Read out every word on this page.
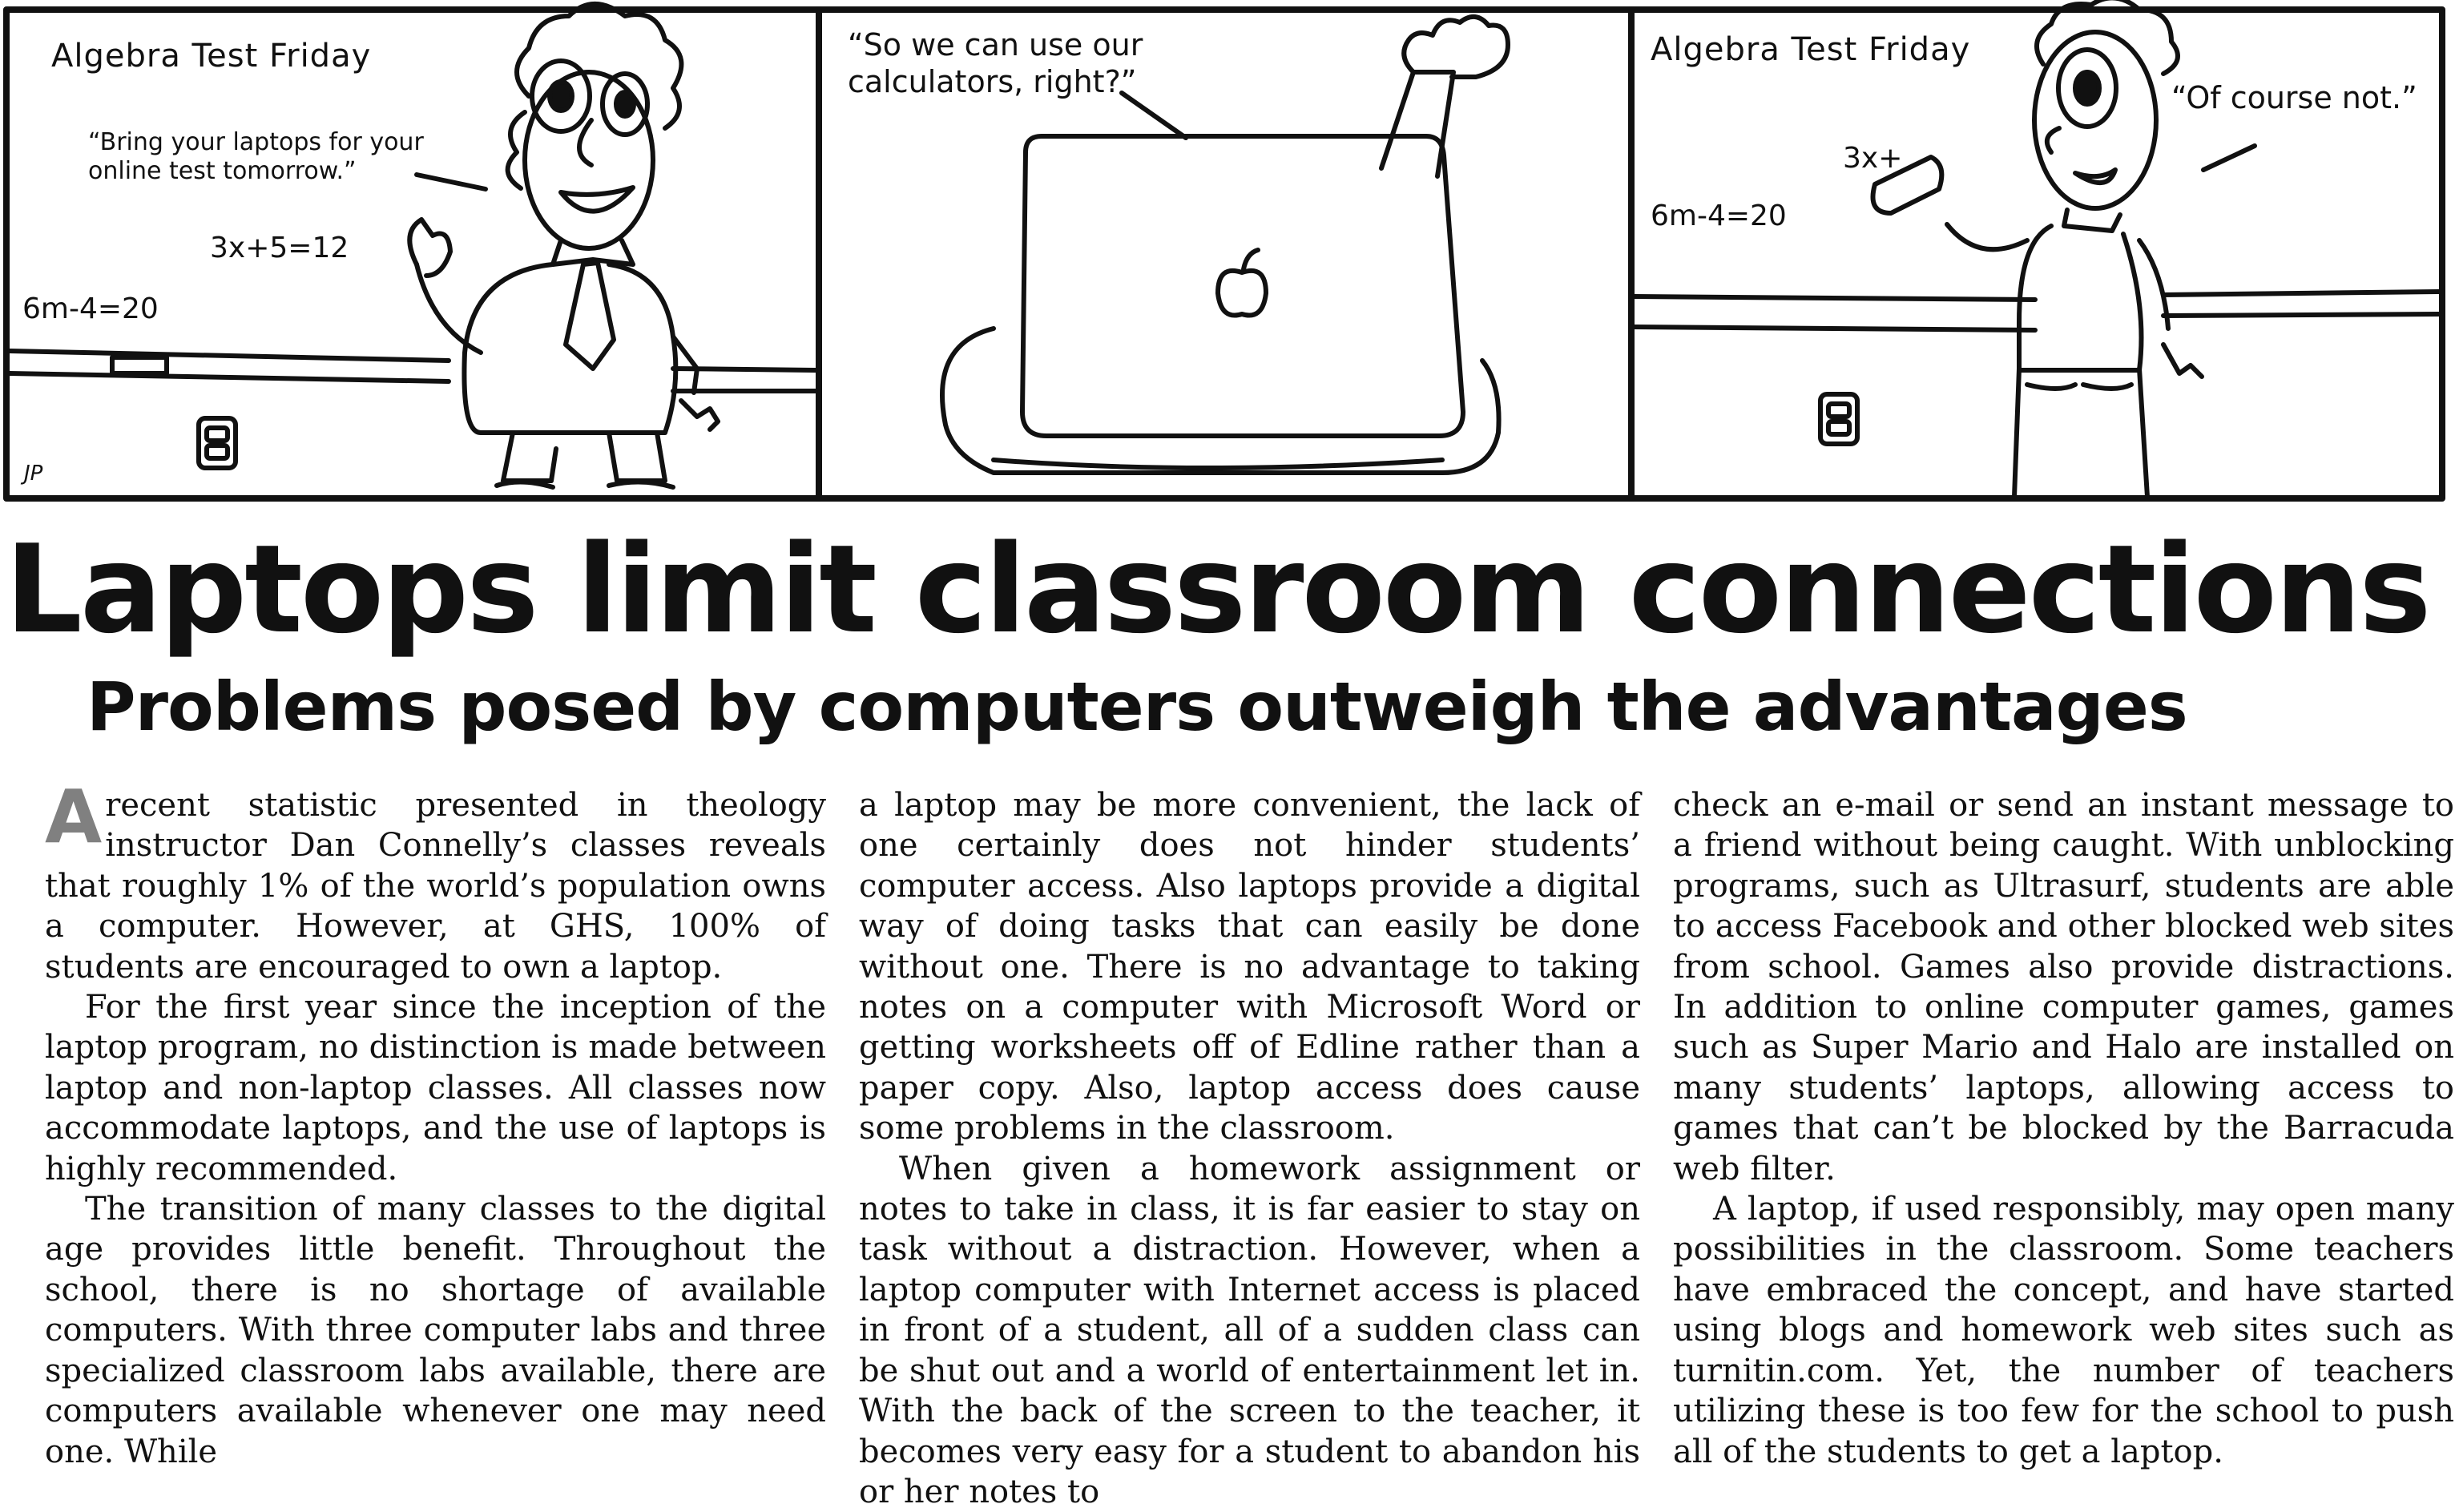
Algebra Test Friday
“Bring your laptops for your
online test tomorrow.”
3x+5=12
6m-4=20
JP
“So we can use our
calculators, right?”
Algebra Test Friday
“Of course not.”
3x+
6m-4=20
Laptops limit classroom connections
Problems posed by computers outweigh the advantages

Arecent statistic presented in theology instructor Dan Connelly’s classes reveals that roughly 1% of the world’s population owns a computer. However, at GHS, 100% of students are encouraged to own a laptop.

For the first year since the inception of the laptop program, no distinction is made between laptop and non-laptop classes. All classes now accommodate laptops, and the use of laptops is highly recommended.

The transition of many classes to the digital age provides little benefit. Throughout the school, there is no shortage of available computers. With three computer labs and three specialized classroom labs available, there are computers available whenever one may need one. While

a laptop may be more convenient, the lack of one certainly does not hinder students’ computer access. Also laptops provide a digital way of doing tasks that can easily be done without one. There is no advantage to taking notes on a computer with Microsoft Word or getting worksheets off of Edline rather than a paper copy. Also, laptop access does cause some problems in the classroom.

When given a homework assignment or notes to take in class, it is far easier to stay on task without a distraction. However, when a laptop computer with Internet access is placed in front of a student, all of a sudden class can be shut out and a world of entertainment let in. With the back of the screen to the teacher, it becomes very easy for a student to abandon his or her notes to

check an e-mail or send an instant message to a friend without being caught. With unblocking programs, such as Ultrasurf, students are able to access Facebook and other blocked web sites from school. Games also provide distractions. In addition to online computer games, games such as Super Mario and Halo are installed on many students’ laptops, allowing access to games that can’t be blocked by the Barracuda web filter.

A laptop, if used responsibly, may open many possibilities in the classroom. Some teachers have embraced the concept, and have started using blogs and homework web sites such as turnitin.com. Yet, the number of teachers utilizing these is too few for the school to push all of the students to get a laptop.
